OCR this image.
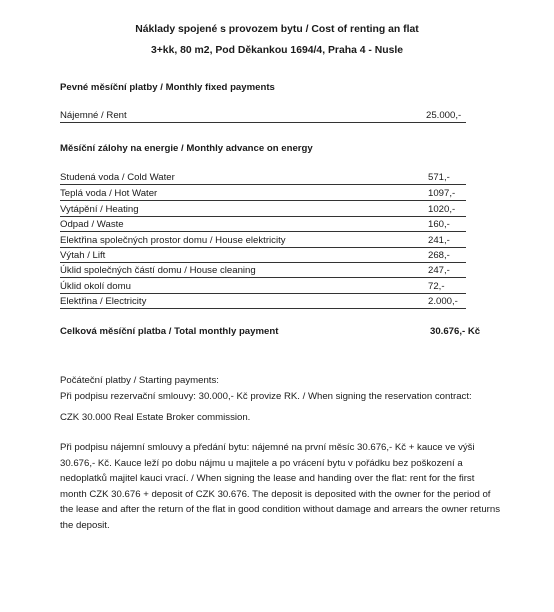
Náklady spojené s provozem bytu / Cost of renting an flat
3+kk, 80 m2, Pod Děkankou 1694/4, Praha 4 - Nusle
Pevné měsíční platby / Monthly fixed payments
Nájemné / Rent	25.000,-
Měsíční zálohy na energie / Monthly advance on energy
Studená voda / Cold Water	571,-
Teplá voda / Hot Water	1097,-
Vytápění / Heating	1020,-
Odpad / Waste	160,-
Elektřina společných prostor domu / House elektricity	241,-
Výtah / Lift	268,-
Úklid společných částí domu / House cleaning	247,-
Úklid okolí domu	72,-
Elektřina / Electricity	2.000,-
Celková měsíční platba / Total monthly payment	30.676,- Kč

Počáteční platby / Starting payments:

Při podpisu rezervační smlouvy: 30.000,- Kč provize RK. / When signing the reservation contract:

CZK 30.000 Real Estate Broker commission.

Při podpisu nájemní smlouvy a předání bytu: nájemné na první měsíc 30.676,- Kč + kauce ve výši 30.676,- Kč. Kauce leží po dobu nájmu u majitele a po vrácení bytu v pořádku bez poškození a nedoplatků majitel kauci vrací. / When signing the lease and handing over the flat: rent for the first month CZK 30.676 + deposit of CZK 30.676. The deposit is deposited with the owner for the period of the lease and after the return of the flat in good condition without damage and arrears the owner returns the deposit.
